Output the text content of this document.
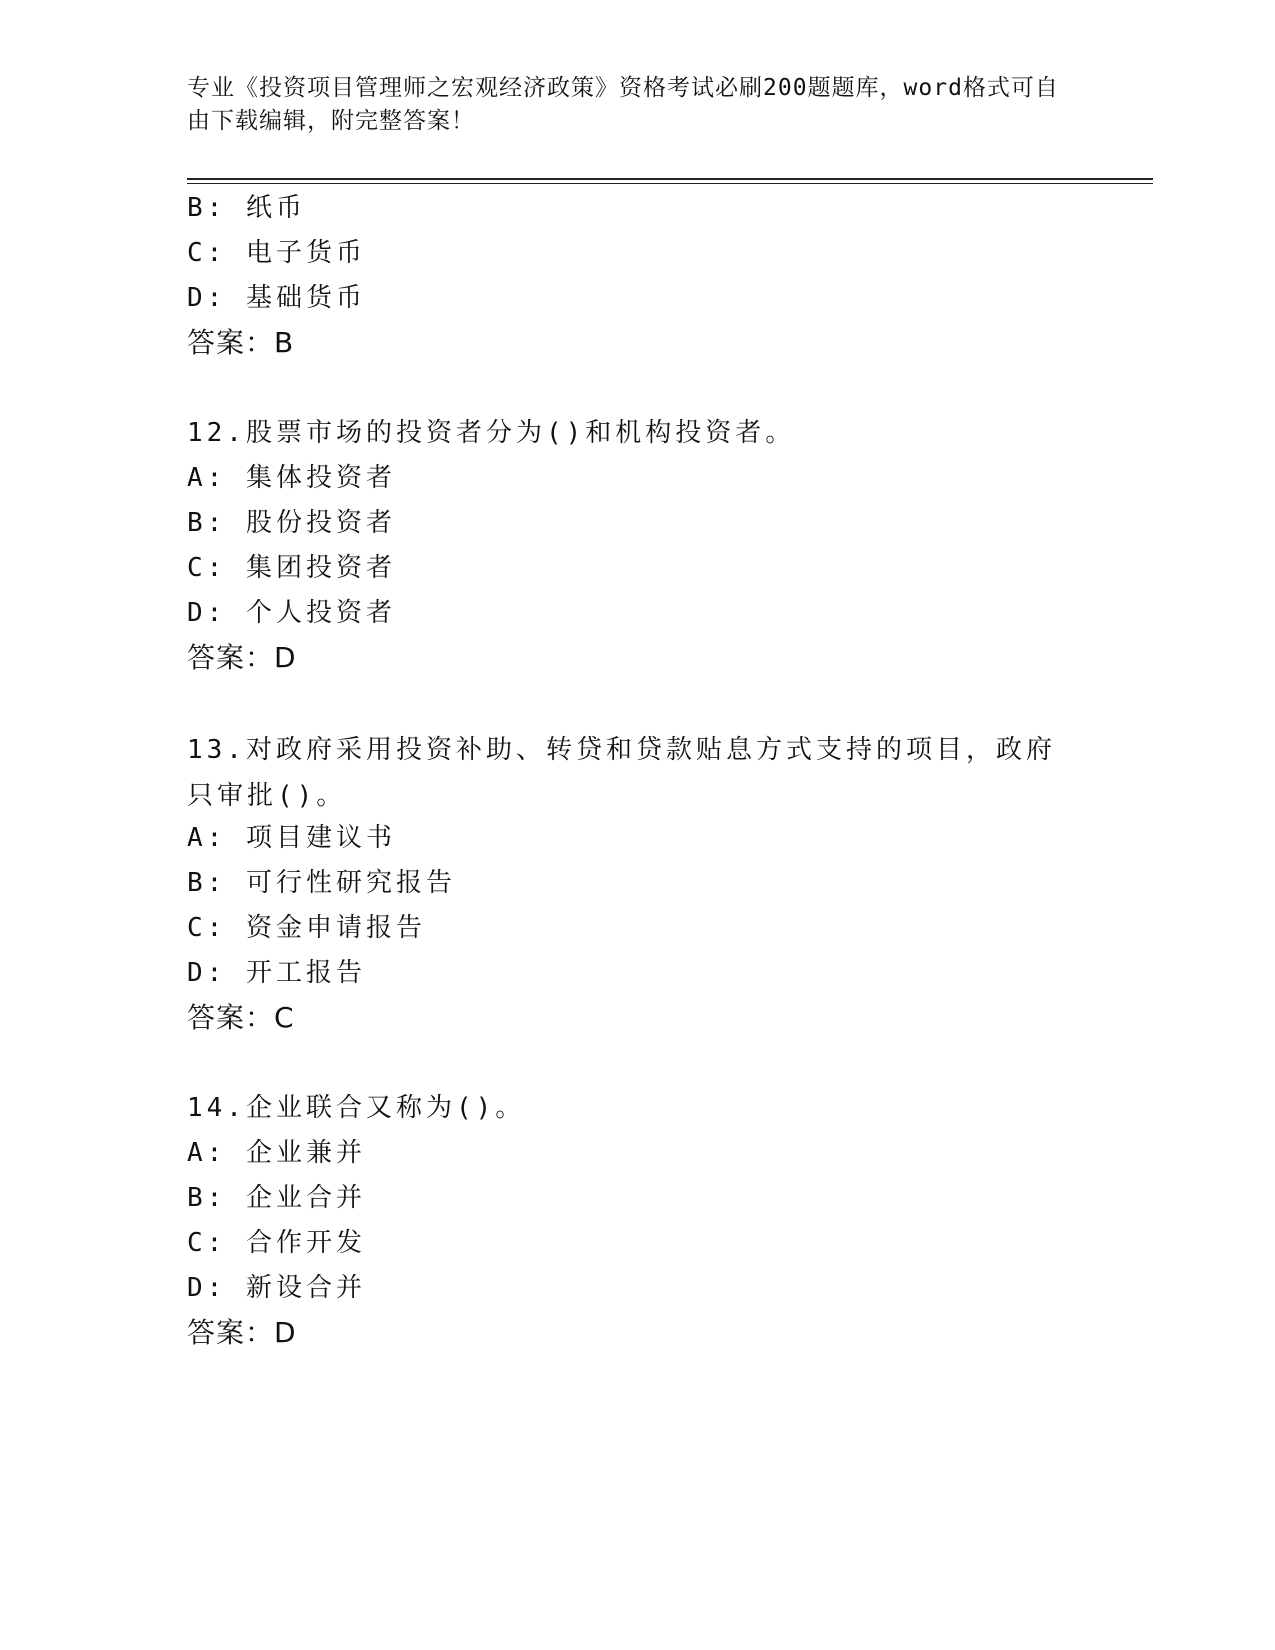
专业《投资项目管理师之宏观经济政策》资格考试必刷200题题库，word格式可自由下载编辑，附完整答案！
B: 纸币
C: 电子货币
D: 基础货币
答案：B
12.股票市场的投资者分为()和机构投资者。
A: 集体投资者
B: 股份投资者
C: 集团投资者
D: 个人投资者
答案：D
13.对政府采用投资补助、转贷和贷款贴息方式支持的项目，政府只审批()。
A: 项目建议书
B: 可行性研究报告
C: 资金申请报告
D: 开工报告
答案：C
14.企业联合又称为()。
A: 企业兼并
B: 企业合并
C: 合作开发
D: 新设合并
答案：D
